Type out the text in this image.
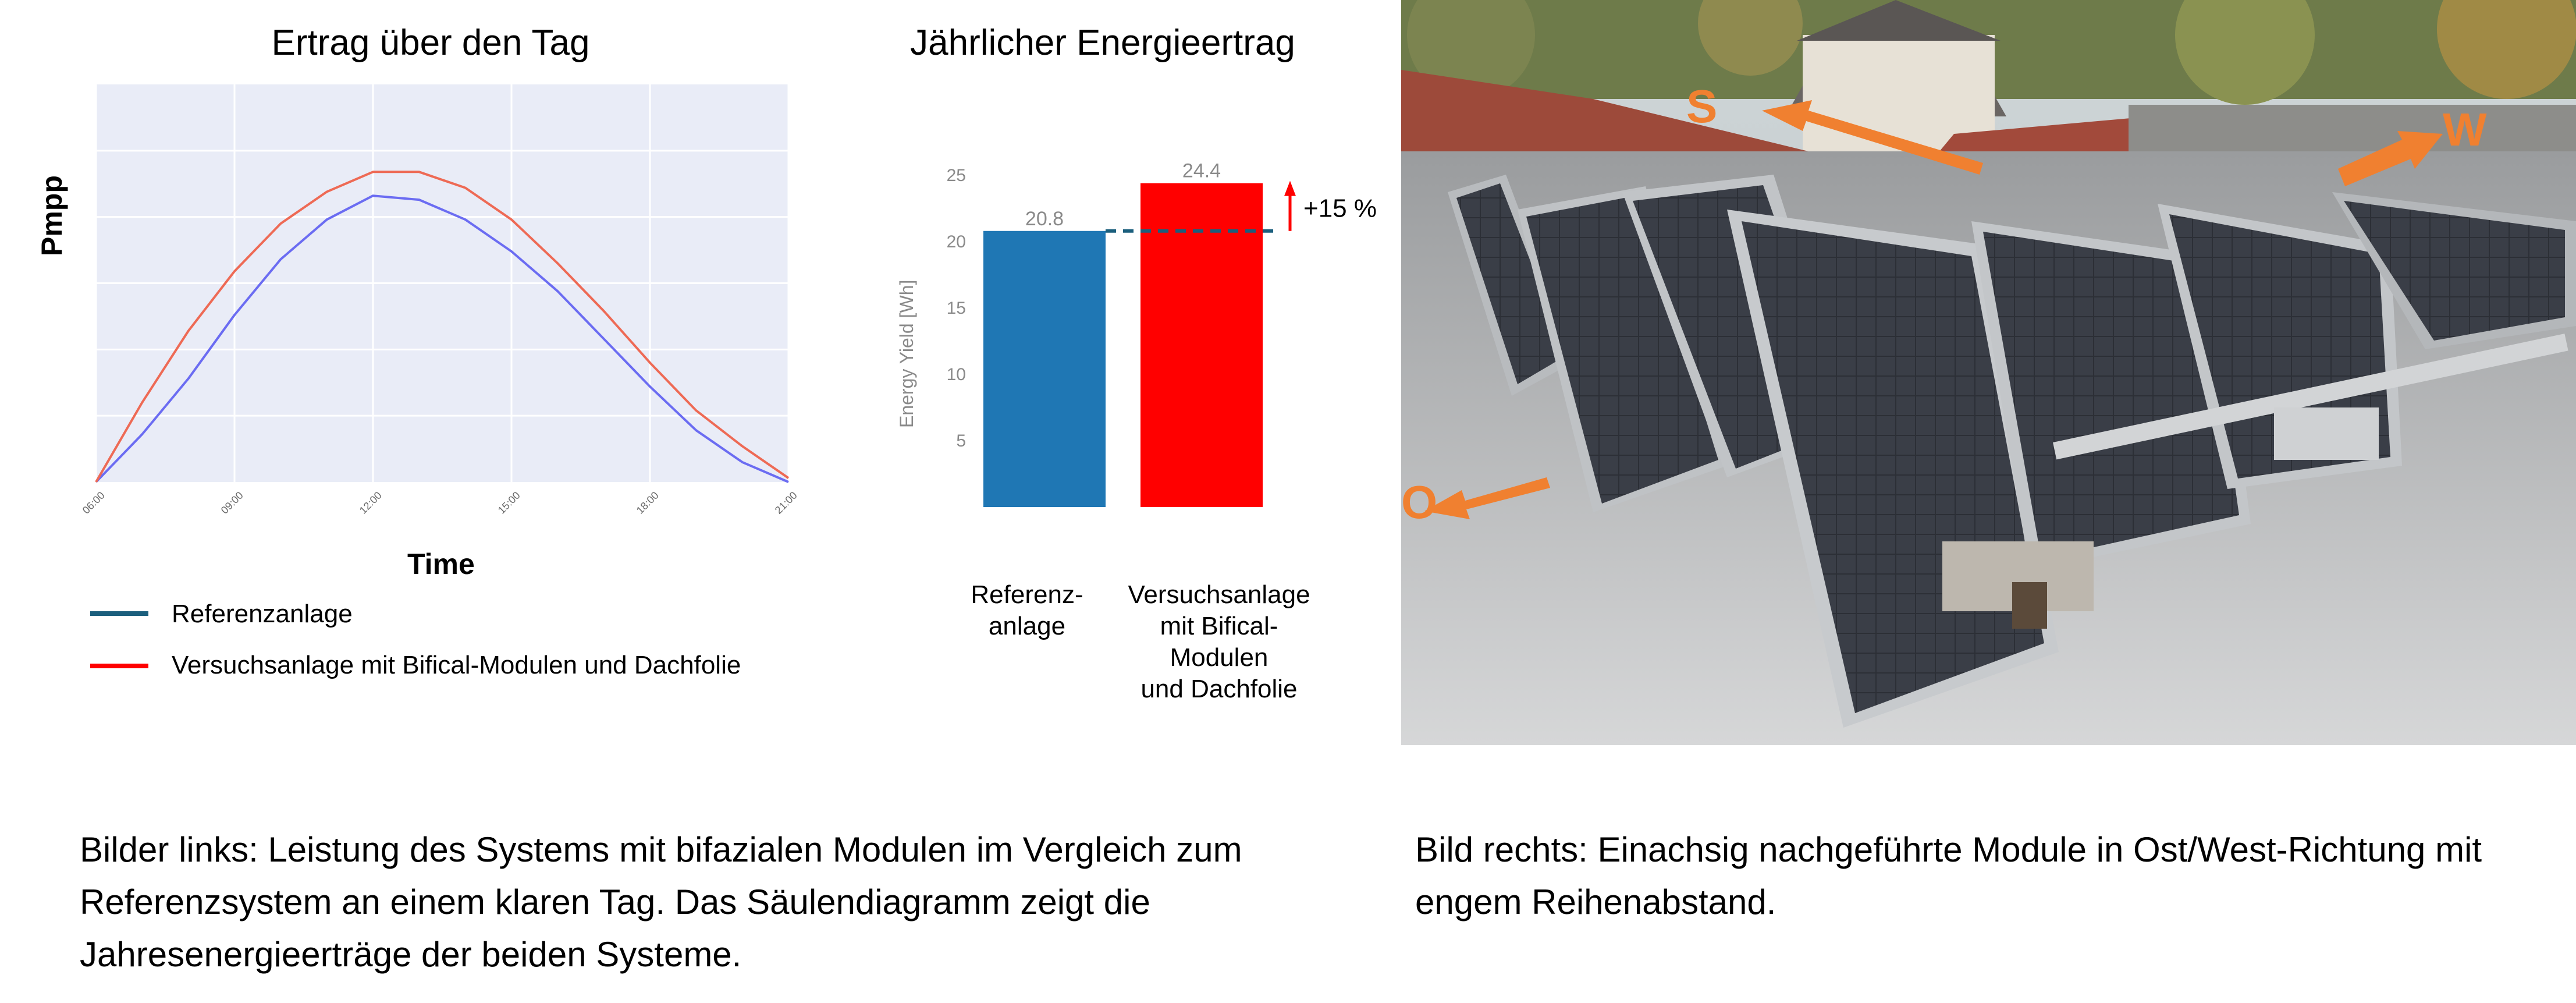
Ertrag über den Tag
06:00	09:00	12:00	15:00	18:00	21:00
Pmpp
Time
Referenzanlage
Versuchsanlage mit Bifical-Modulen und Dachfolie
Jährlicher Energieertrag
5
10
15
20
25
20.8
24.4
+15 %
Energy Yield [Wh]
Referenz-
anlage
Versuchsanlage
mit Bifical-
Modulen
und Dachfolie
S	W
O
Bilder links: Leistung des Systems mit bifazialen Modulen im Vergleich zum Referenzsystem an einem klaren Tag. Das Säulendiagramm zeigt die Jahresenergieerträge der beiden Systeme.
Bild rechts: Einachsig nachgeführte Module in Ost/West-Richtung mit engem Reihenabstand.
